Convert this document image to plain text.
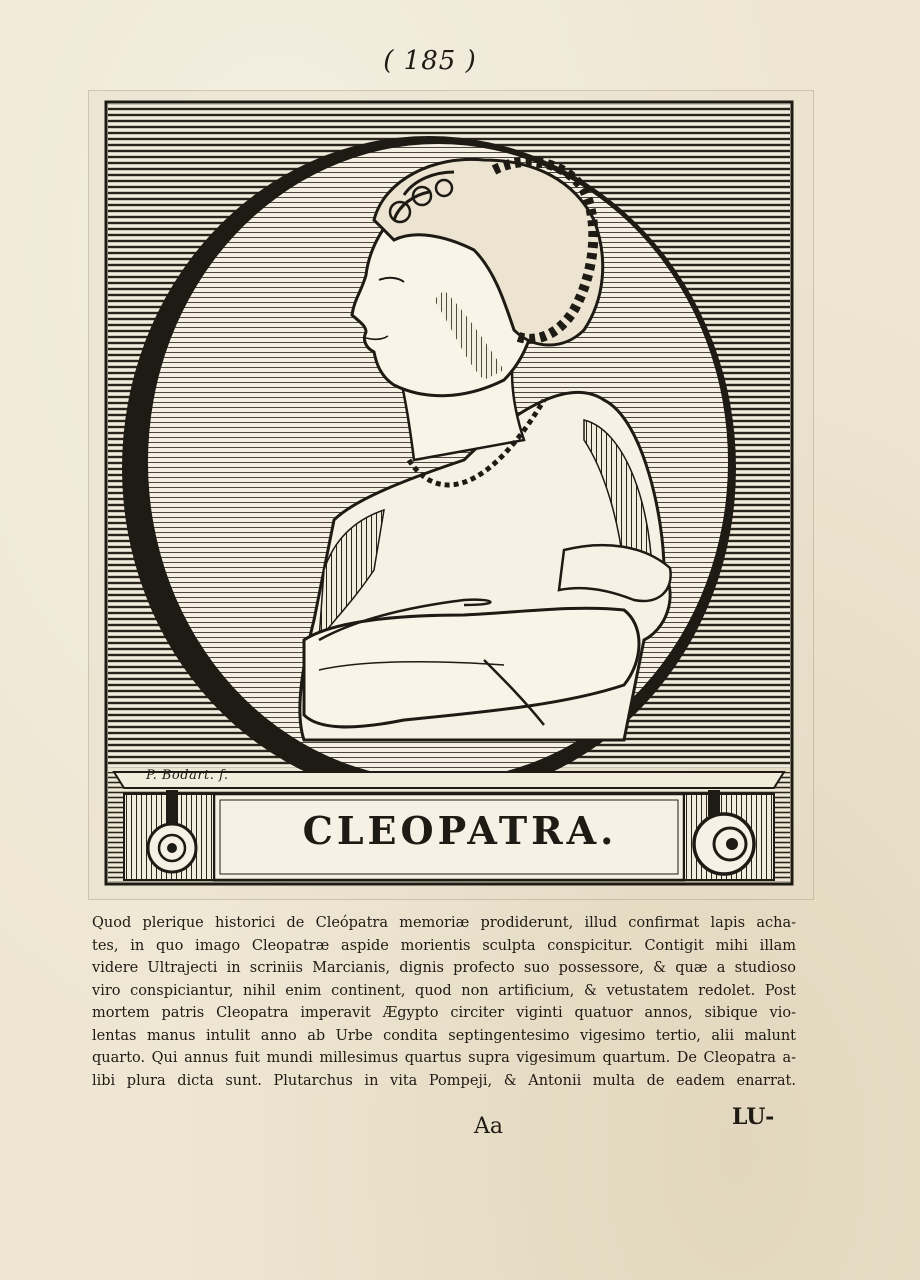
( 185 )
P. Bodart. f.
CLEOPATRA.
Quod plerique historici de Cleópatra memoriæ prodiderunt, illud confirmat lapis acha-
tes, in quo imago Cleopatræ aspide morientis sculpta conspicitur. Contigit mihi illam
videre Ultrajecti in scriniis Marcianis, dignis profecto suo possessore, & quæ a studioso
viro conspiciantur, nihil enim continent, quod non artificium, & vetustatem redolet. Post
mortem patris Cleopatra imperavit Ægypto circiter viginti quatuor annos, sibique vio-
lentas manus intulit anno ab Urbe condita septingentesimo vigesimo tertio, alii malunt
quarto. Qui annus fuit mundi millesimus quartus supra vigesimum quartum. De Cleopatra a-
libi plura dicta sunt. Plutarchus in vita Pompeji, & Antonii multa de eadem enarrat.
Aa	LU-
